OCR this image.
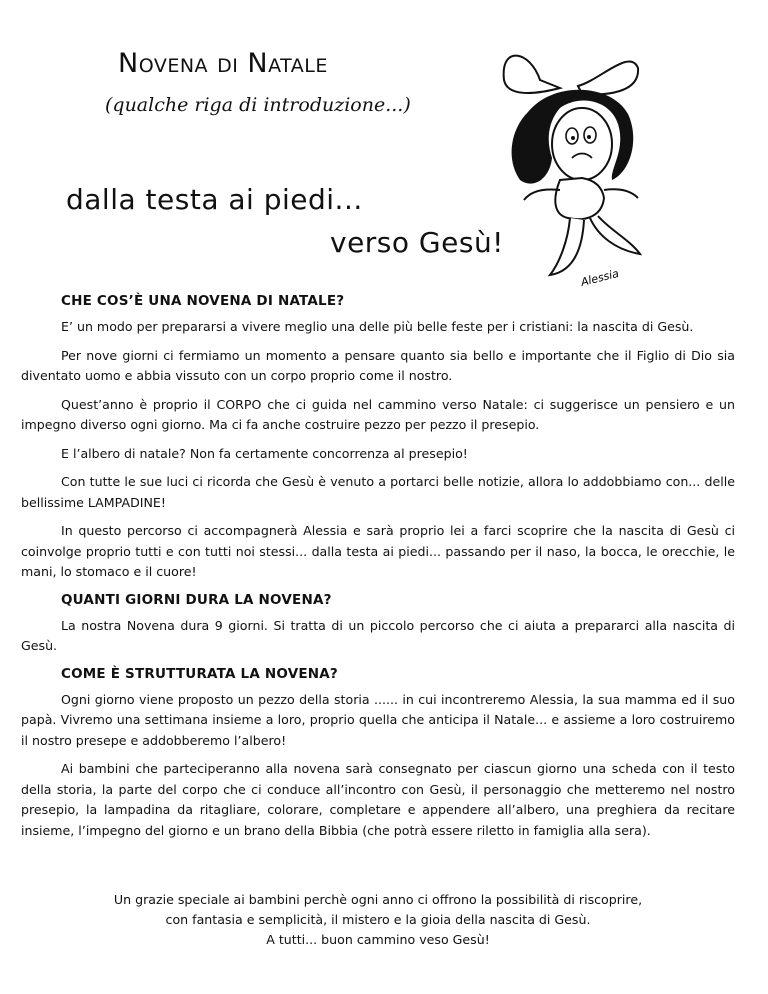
Novena di Natale
(qualche riga di introduzione...)
dalla testa ai piedi...
verso Gesù!
Alessia
CHE COS’È UNA NOVENA DI NATALE?

E’ un modo per prepararsi a vivere meglio una delle più belle feste per i cristiani: la nascita di Gesù.

Per nove giorni ci fermiamo un momento a pensare quanto sia bello e importante che il Figlio di Dio sia diventato uomo e abbia vissuto con un corpo proprio come il nostro.

Quest’anno è proprio il CORPO che ci guida nel cammino verso Natale: ci suggerisce un pensiero e un impegno diverso ogni giorno. Ma ci fa anche costruire pezzo per pezzo il presepio.

E l’albero di natale? Non fa certamente concorrenza al presepio!

Con tutte le sue luci ci ricorda che Gesù è venuto a portarci belle notizie, allora lo addobbiamo con... delle bellissime LAMPADINE!

In questo percorso ci accompagnerà Alessia e sarà proprio lei a farci scoprire che la nascita di Gesù ci coinvolge proprio tutti e con tutti noi stessi... dalla testa ai piedi... passando per il naso, la bocca, le orecchie, le mani, lo stomaco e il cuore!

QUANTI GIORNI DURA LA NOVENA?

La nostra Novena dura 9 giorni. Si tratta di un piccolo percorso che ci aiuta a prepararci alla nascita di Gesù.

COME È STRUTTURATA LA NOVENA?

Ogni giorno viene proposto un pezzo della storia ...... in cui incontreremo Alessia, la sua mamma ed il suo papà. Vivremo una settimana insieme a loro, proprio quella che anticipa il Natale... e assieme a loro costruiremo il nostro presepe e addobberemo l’albero!

Ai bambini che parteciperanno alla novena sarà consegnato per ciascun giorno una scheda con il testo della storia, la parte del corpo che ci conduce all’incontro con Gesù, il personaggio che metteremo nel nostro presepio, la lampadina da ritagliare, colorare, completare e appendere all’albero, una preghiera da recitare insieme, l’impegno del giorno e un brano della Bibbia (che potrà essere riletto in famiglia alla sera).

Un grazie speciale ai bambini perchè ogni anno ci offrono la possibilità di riscoprire,
con fantasia e semplicità, il mistero e la gioia della nascita di Gesù.
A tutti... buon cammino veso Gesù!
